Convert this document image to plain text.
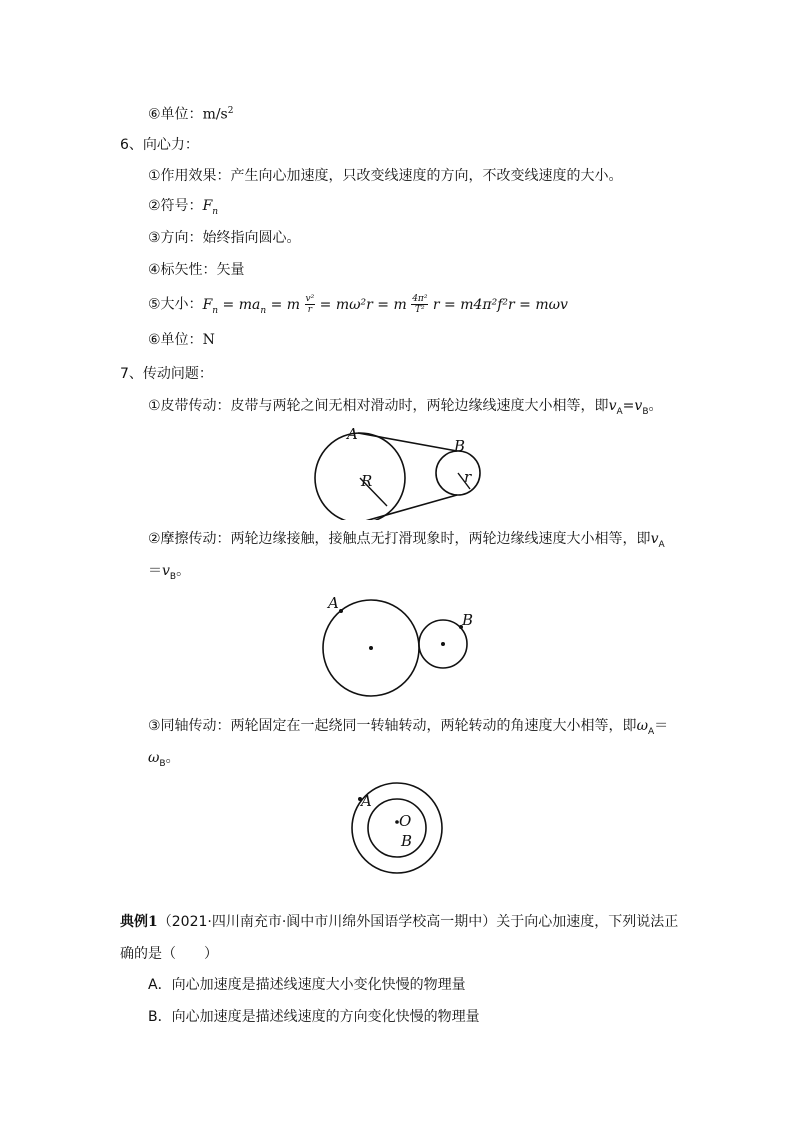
⑥单位：$m/s^2$
6、向心力：
①作用效果：产生向心加速度，只改变线速度的方向，不改变线速度的大小。
②符号：$F_n$
③方向：始终指向圆心。
④标矢性：矢量
⑤大小：$F_n = ma_n = m \frac{\text{v²}}{r} = m\omega^2r = m \frac{\text{4π²}}{\text{T²}}$ r = m4π²f²r = mωv
⑥单位：N
7、传动问题：
①皮带传动：皮带与两轮之间无相对滑动时，两轮边缘线速度大小相等，即$v_A=v_B$。
A
B
R	r
②摩擦传动：两轮边缘接触，接触点无打滑现象时，两轮边缘线速度大小相等，即$v_A$
$=v_B$。
A
B
③同轴传动：两轮固定在一起绕同一转轴转动，两轮转动的角速度大小相等，即$\omega_A=$
$\omega_B$。
A
O
B
典例1（2021·四川南充市·阆中市川绵外国语学校高一期中）关于向心加速度，下列说法正
确的是（　　）
A．向心加速度是描述线速度大小变化快慢的物理量
B．向心加速度是描述线速度的方向变化快慢的物理量
